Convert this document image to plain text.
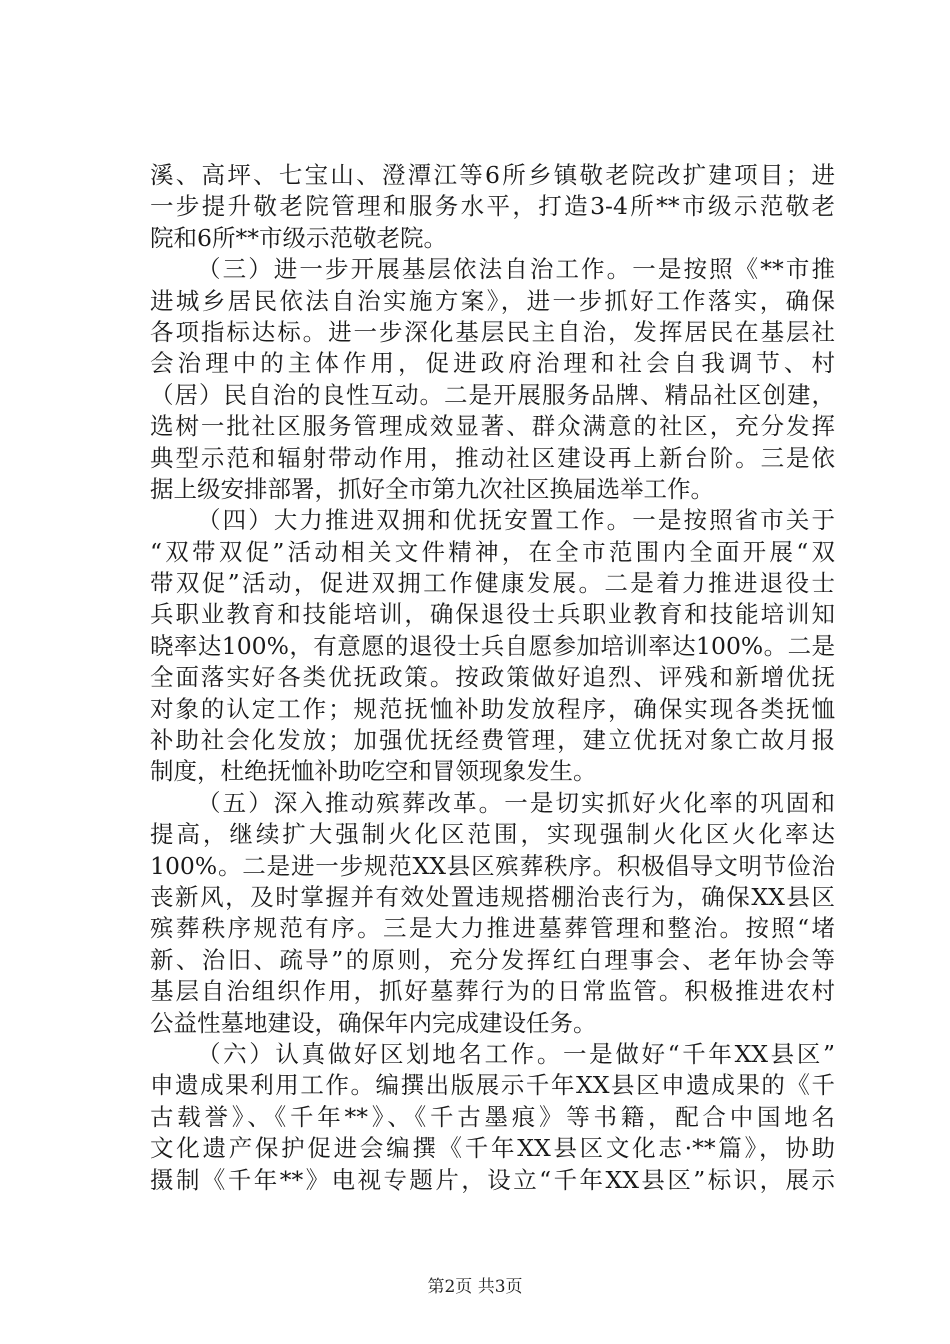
溪、高坪、七宝山、澄潭江等6所乡镇敬老院改扩建项目；进
一步提升敬老院管理和服务水平，打造3-4所**市级示范敬老
院和6所**市级示范敬老院。
（三）进一步开展基层依法自治工作。一是按照《**市推
进城乡居民依法自治实施方案》，进一步抓好工作落实，确保
各项指标达标。进一步深化基层民主自治，发挥居民在基层社
会治理中的主体作用，促进政府治理和社会自我调节、村
（居）民自治的良性互动。二是开展服务品牌、精品社区创建，
选树一批社区服务管理成效显著、群众满意的社区，充分发挥
典型示范和辐射带动作用，推动社区建设再上新台阶。三是依
据上级安排部署，抓好全市第九次社区换届选举工作。
（四）大力推进双拥和优抚安置工作。一是按照省市关于
“双带双促”活动相关文件精神，在全市范围内全面开展“双
带双促”活动，促进双拥工作健康发展。二是着力推进退役士
兵职业教育和技能培训，确保退役士兵职业教育和技能培训知
晓率达100%，有意愿的退役士兵自愿参加培训率达100%。二是
全面落实好各类优抚政策。按政策做好追烈、评残和新增优抚
对象的认定工作；规范抚恤补助发放程序，确保实现各类抚恤
补助社会化发放；加强优抚经费管理，建立优抚对象亡故月报
制度，杜绝抚恤补助吃空和冒领现象发生。
（五）深入推动殡葬改革。一是切实抓好火化率的巩固和
提高，继续扩大强制火化区范围，实现强制火化区火化率达
100%。二是进一步规范XX县区殡葬秩序。积极倡导文明节俭治
丧新风，及时掌握并有效处置违规搭棚治丧行为，确保XX县区
殡葬秩序规范有序。三是大力推进墓葬管理和整治。按照“堵
新、治旧、疏导”的原则，充分发挥红白理事会、老年协会等
基层自治组织作用，抓好墓葬行为的日常监管。积极推进农村
公益性墓地建设，确保年内完成建设任务。
（六）认真做好区划地名工作。一是做好“千年XX县区”
申遗成果利用工作。编撰出版展示千年XX县区申遗成果的《千
古载誉》、《千年**》、《千古墨痕》等书籍，配合中国地名
文化遗产保护促进会编撰《千年XX县区文化志·**篇》，协助
摄制《千年**》电视专题片，设立“千年XX县区”标识，展示
第2页 共3页
